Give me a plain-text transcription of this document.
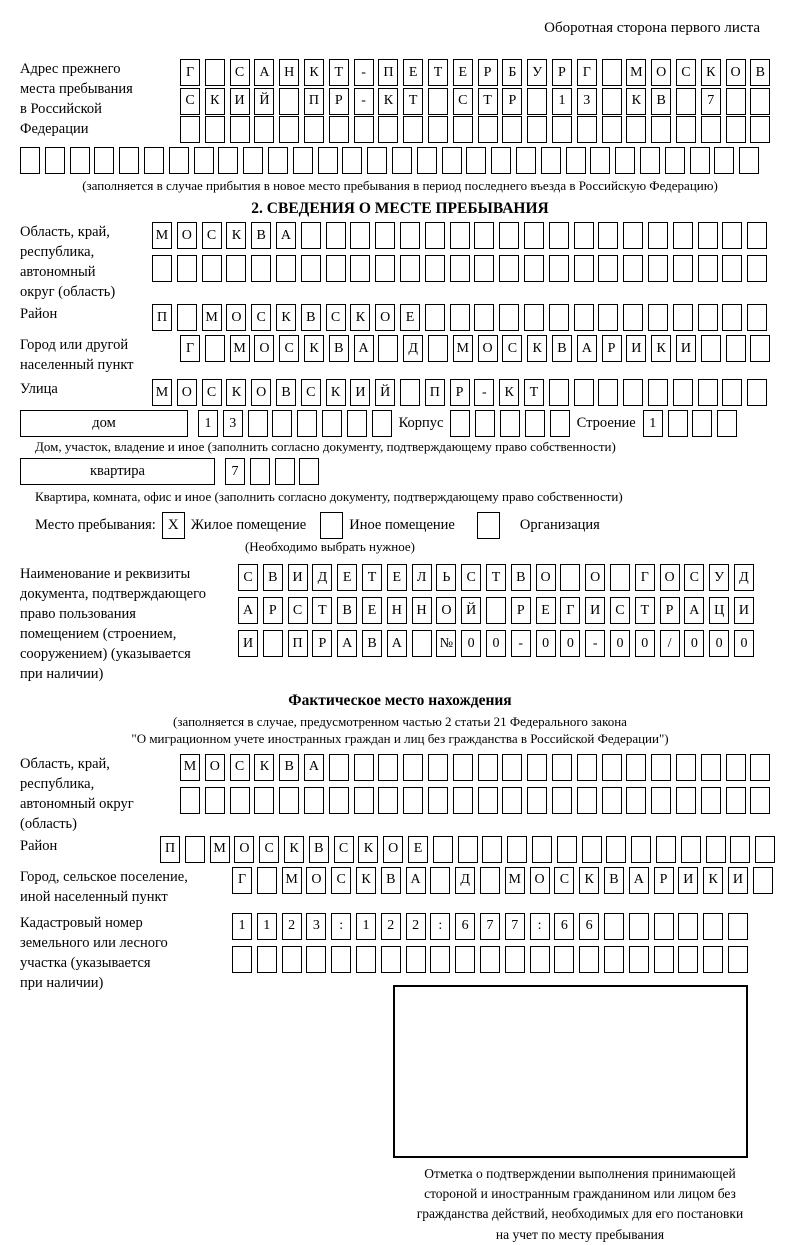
Оборотная сторона первого листа
Адрес прежнего
места пребывания
в Российской
Федерации
Г	С	А	Н	К	Т	-	П	Е	Т	Е	Р	Б	У	Р	Г	М О	С	К	О	В
С	К	И	Й	П	Р	-	К	Т	С	Т	Р	1	3	К	В	7
(заполняется в случае прибытия в новое место пребывания в период последнего въезда в Российскую Федерацию)
2. СВЕДЕНИЯ О МЕСТЕ ПРЕБЫВАНИЯ
Область, край,
республика,
автономный
округ (область)
М О	С	К	В	А
Район	П	М О	С	К	В	С	К	О	Е
Город или другой
населенный пункт
Г	М О	С	К	В	А	Д	М О	С	К	В	А	Р	И	К	И
Улица	М О	С	К	О	В	С	К	И	Й	П	Р	-	К	Т
дом	1	3	Корпус	Строение 1
Дом, участок, владение и иное (заполнить согласно документу, подтверждающему право собственности)
квартира	7
Квартира, комната, офис и иное (заполнить согласно документу, подтверждающему право собственности)
Место пребывания: X Жилое помещение	Иное помещение	Организация
(Необходимо выбрать нужное)
Наименование и реквизиты
документа, подтверждающего
право пользования
помещением (строением,
сооружением) (указывается
при наличии)
С	В	И	Д	Е	Т	Е	Л	Ь	С	Т	В	О	О	Г	О	С	У	Д
А	Р	С	Т	В	Е	Н	Н	О	Й	Р	Е	Г	И	С	Т	Р	А	Ц	И
И	П	Р	А	В	А	№	0	0	-	0	0	-	0	0	/	0	0	0
Фактическое место нахождения
(заполняется в случае, предусмотренном частью 2 статьи 21 Федерального закона
"О миграционном учете иностранных граждан и лиц без гражданства в Российской Федерации")
Область, край,
республика,
автономный округ
(область)
М О	С	К	В	А
Район	П	М О	С	К	В	С	К	О	Е
Город, сельское поселение,
иной населенный пункт
Г	М О	С	К	В	А	Д	М О	С	К	В	А	Р	И	К	И
Кадастровый номер
земельного или лесного
участка (указывается
при наличии)
1	1	2	3	:	1	2	2	:	6	7	7	:	6	6
Отметка о подтверждении выполнения принимающей
стороной и иностранным гражданином или лицом без
гражданства действий, необходимых для его постановки
на учет по месту пребывания
